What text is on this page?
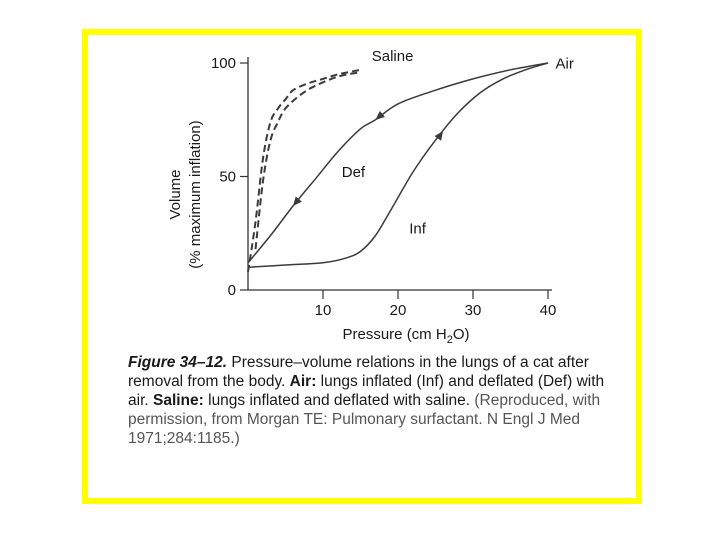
0
50
100
10	20	30	40
Pressure (cm $H_2O$)
Volume (% maximum inflation)
Saline	Air
Def
Inf
Figure 34–12. Pressure–volume relations in the lungs of a cat after removal from the body. Air: lungs inflated (Inf) and deflated (Def) with air. Saline: lungs inflated and deflated with saline. (Reproduced, with permission, from Morgan TE: Pulmonary surfactant. N Engl J Med 1971;284:1185.)
